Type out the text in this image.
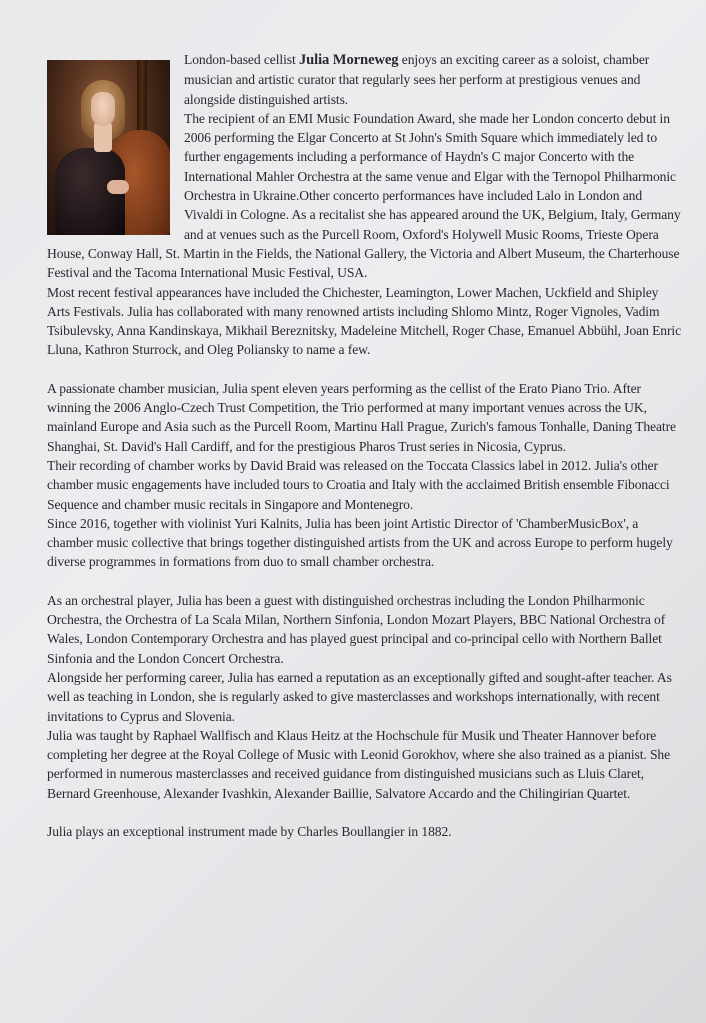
London-based cellist Julia Morneweg enjoys an exciting career as a soloist, chamber musician and artistic curator that regularly sees her perform at prestigious venues and alongside distinguished artists.

The recipient of an EMI Music Foundation Award, she made her London concerto debut in 2006 performing the Elgar Concerto at St John's Smith Square which immediately led to further engagements including a performance of Haydn's C major Concerto with the International Mahler Orchestra at the same venue and Elgar with the Ternopol Philharmonic Orchestra in Ukraine.Other concerto performances have included Lalo in London and Vivaldi in Cologne. As a recitalist she has appeared around the UK, Belgium, Italy, Germany and at venues such as the Purcell Room, Oxford's Holywell Music Rooms, Trieste Opera House, Conway Hall, St. Martin in the Fields, the National Gallery, the Victoria and Albert Museum, the Charterhouse Festival and the Tacoma International Music Festival, USA.

Most recent festival appearances have included the Chichester, Leamington, Lower Machen, Uckfield and Shipley Arts Festivals. Julia has collaborated with many renowned artists including Shlomo Mintz, Roger Vignoles, Vadim Tsibulevsky, Anna Kandinskaya, Mikhail Bereznitsky, Madeleine Mitchell, Roger Chase, Emanuel Abbühl, Joan Enric Lluna, Kathron Sturrock, and Oleg Poliansky to name a few.

A passionate chamber musician, Julia spent eleven years performing as the cellist of the Erato Piano Trio. After winning the 2006 Anglo-Czech Trust Competition, the Trio performed at many important venues across the UK, mainland Europe and Asia such as the Purcell Room, Martinu Hall Prague, Zurich's famous Tonhalle, Daning Theatre Shanghai, St. David's Hall Cardiff, and for the prestigious Pharos Trust series in Nicosia, Cyprus.

Their recording of chamber works by David Braid was released on the Toccata Classics label in 2012. Julia's other chamber music engagements have included tours to Croatia and Italy with the acclaimed British ensemble Fibonacci Sequence and chamber music recitals in Singapore and Montenegro.

Since 2016, together with violinist Yuri Kalnits, Julia has been joint Artistic Director of 'ChamberMusicBox', a chamber music collective that brings together distinguished artists from the UK and across Europe to perform hugely diverse programmes in formations from duo to small chamber orchestra.

As an orchestral player, Julia has been a guest with distinguished orchestras including the London Philharmonic Orchestra, the Orchestra of La Scala Milan, Northern Sinfonia, London Mozart Players, BBC National Orchestra of Wales, London Contemporary Orchestra and has played guest principal and co-principal cello with Northern Ballet Sinfonia and the London Concert Orchestra.

Alongside her performing career, Julia has earned a reputation as an exceptionally gifted and sought-after teacher. As well as teaching in London, she is regularly asked to give masterclasses and workshops internationally, with recent invitations to Cyprus and Slovenia.

Julia was taught by Raphael Wallfisch and Klaus Heitz at the Hochschule für Musik und Theater Hannover before completing her degree at the Royal College of Music with Leonid Gorokhov, where she also trained as a pianist. She performed in numerous masterclasses and received guidance from distinguished musicians such as Lluis Claret, Bernard Greenhouse, Alexander Ivashkin, Alexander Baillie, Salvatore Accardo and the Chilingirian Quartet.

Julia plays an exceptional instrument made by Charles Boullangier in 1882.
